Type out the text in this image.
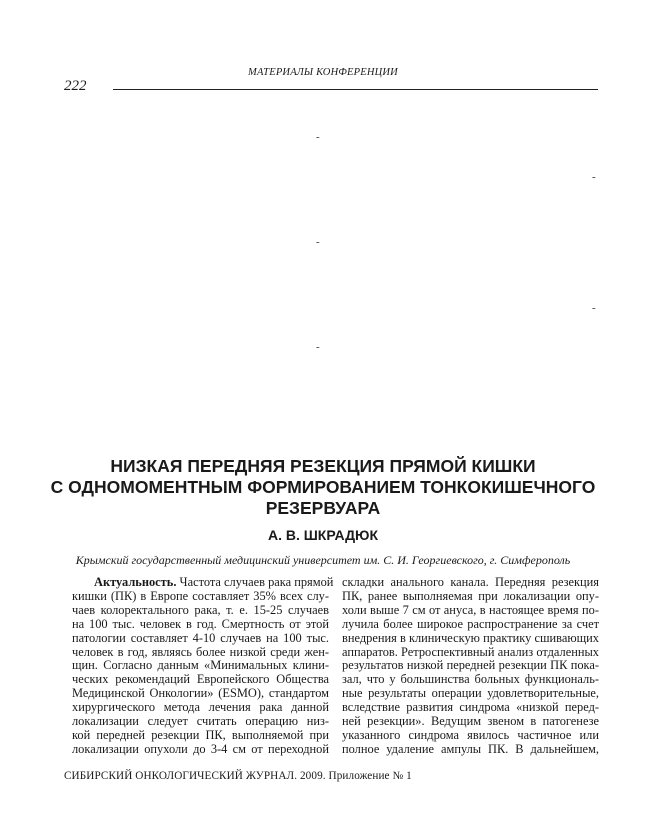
МАТЕРИАЛЫ КОНФЕРЕНЦИИ
222
-
-
-
-
-
НИЗКАЯ ПЕРЕДНЯЯ РЕЗЕКЦИЯ ПРЯМОЙ КИШКИ
С ОДНОМОМЕНТНЫМ ФОРМИРОВАНИЕМ ТОНКОКИШЕЧНОГО
РЕЗЕРВУАРА
А. В. ШКРАДЮК
Крымский государственный медицинский университет им. С. И. Георгиевского, г. Симферополь
Актуальность. Частота случаев рака прямой
кишки (ПК) в Европе составляет 35% всех слу-
чаев колоректального рака, т. е. 15-25 случаев
на 100 тыс. человек в год. Смертность от этой
патологии составляет 4-10 случаев на 100 тыс.
человек в год, являясь более низкой среди жен-
щин. Согласно данным «Минимальных клини-
ческих рекомендаций Европейского Общества
Медицинской Онкологии» (ESMO), стандартом
хирургического метода лечения рака данной
локализации следует считать операцию низ-
кой передней резекции ПК, выполняемой при
локализации опухоли до 3-4 см от переходной
складки анального канала. Передняя резекция
ПК, ранее выполняемая при локализации опу-
холи выше 7 см от ануса, в настоящее время по-
лучила более широкое распространение за счет
внедрения в клиническую практику сшивающих
аппаратов. Ретроспективный анализ отдаленных
результатов низкой передней резекции ПК пока-
зал, что у большинства больных функциональ-
ные результаты операции удовлетворительные,
вследствие развития синдрома «низкой перед-
ней резекции». Ведущим звеном в патогенезе
указанного синдрома явилось частичное или
полное удаление ампулы ПК. В дальнейшем,
СИБИРСКИЙ ОНКОЛОГИЧЕСКИЙ ЖУРНАЛ. 2009. Приложение № 1
